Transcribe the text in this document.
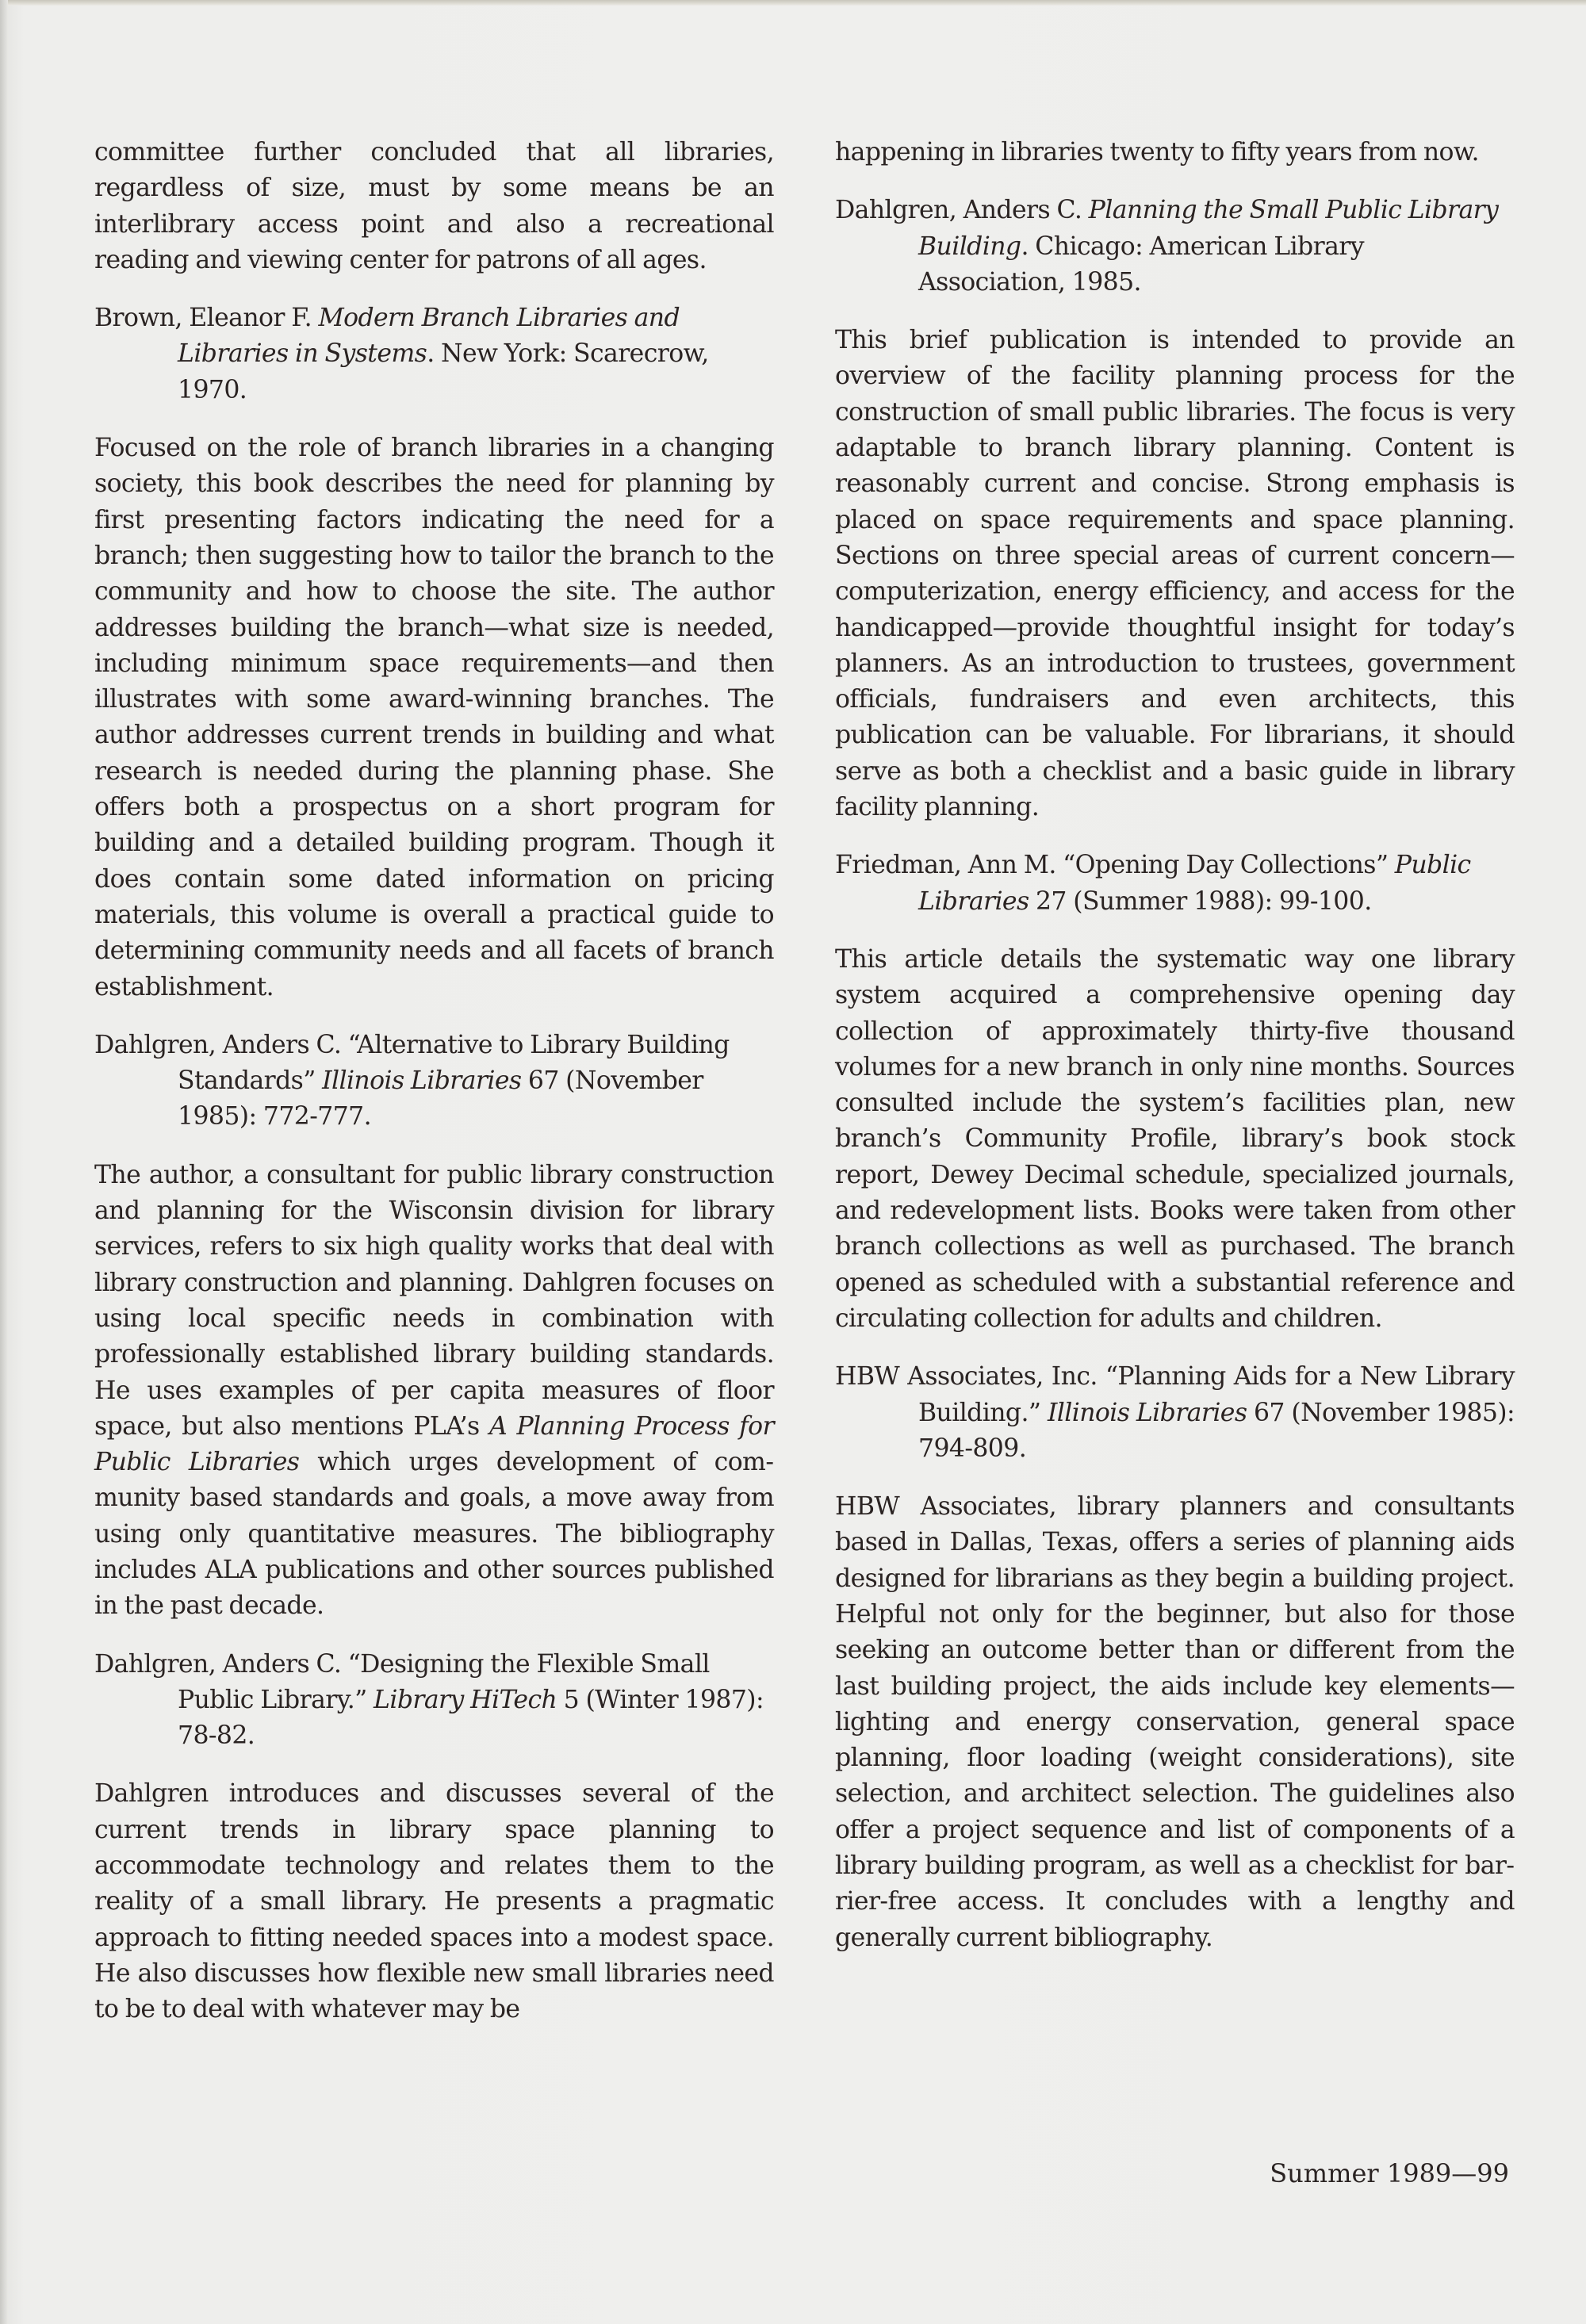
committee further concluded that all libraries, regardless of size, must by some means be an interlibrary access point and also a recreational reading and viewing center for patrons of all ages.

Brown, Eleanor F. Modern Branch Libraries and Libraries in Systems. New York: Scarecrow, 1970.

Focused on the role of branch libraries in a changing society, this book describes the need for planning by first presenting factors indicating the need for a branch; then suggesting how to tailor the branch to the community and how to choose the site. The author addresses building the branch—what size is needed, including minimum space requirements—and then illustrates with some award-winning branches. The author addresses current trends in building and what research is needed during the planning phase. She offers both a prospectus on a short program for building and a detailed building program. Though it does contain some dated information on pricing materials, this volume is overall a practical guide to determining community needs and all facets of branch establishment.

Dahlgren, Anders C. “Alternative to Library Building Standards” Illinois Libraries 67 (November 1985): 772-777.

The author, a consultant for public library construction and planning for the Wisconsin division for library services, refers to six high quality works that deal with library construction and planning. Dahlgren focuses on using local specific needs in combination with professionally established library building standards. He uses examples of per capita measures of floor space, but also mentions PLA’s A Planning Process for Public Libraries which urges development of community based standards and goals, a move away from using only quantitative measures. The bibliography includes ALA publications and other sources published in the past decade.

Dahlgren, Anders C. “Designing the Flexible Small Public Library.” Library HiTech 5 (Winter 1987): 78-82.

Dahlgren introduces and discusses several of the current trends in library space planning to accommodate technology and relates them to the reality of a small library. He presents a pragmatic approach to fitting needed spaces into a modest space. He also discusses how flexible new small libraries need to be to deal with whatever may be

happening in libraries twenty to fifty years from now.

Dahlgren, Anders C. Planning the Small Public Library Building. Chicago: American Library Association, 1985.

This brief publication is intended to provide an overview of the facility planning process for the construction of small public libraries. The focus is very adaptable to branch library planning. Content is reasonably current and concise. Strong emphasis is placed on space requirements and space planning. Sections on three special areas of current concern—computerization, energy efficiency, and access for the handicapped—provide thoughtful insight for today’s planners. As an introduction to trustees, government officials, fundraisers and even architects, this publication can be valuable. For librarians, it should serve as both a checklist and a basic guide in library facility planning.

Friedman, Ann M. “Opening Day Collections” Public Libraries 27 (Summer 1988): 99-100.

This article details the systematic way one library system acquired a comprehensive opening day collection of approximately thirty-five thousand volumes for a new branch in only nine months. Sources consulted include the system’s facilities plan, new branch’s Community Profile, library’s book stock report, Dewey Decimal schedule, specialized journals, and redevelopment lists. Books were taken from other branch collections as well as purchased. The branch opened as scheduled with a substantial reference and circulating collection for adults and children.

HBW Associates, Inc. “Planning Aids for a New Library Building.” Illinois Libraries 67 (November 1985): 794-809.

HBW Associates, library planners and consultants based in Dallas, Texas, offers a series of planning aids designed for librarians as they begin a building project. Helpful not only for the beginner, but also for those seeking an outcome better than or different from the last building project, the aids include key elements—lighting and energy conservation, general space planning, floor loading (weight considerations), site selection, and architect selection. The guidelines also offer a project sequence and list of components of a library building program, as well as a checklist for barrier-free access. It concludes with a lengthy and generally current bibliography.

Summer 1989—99
